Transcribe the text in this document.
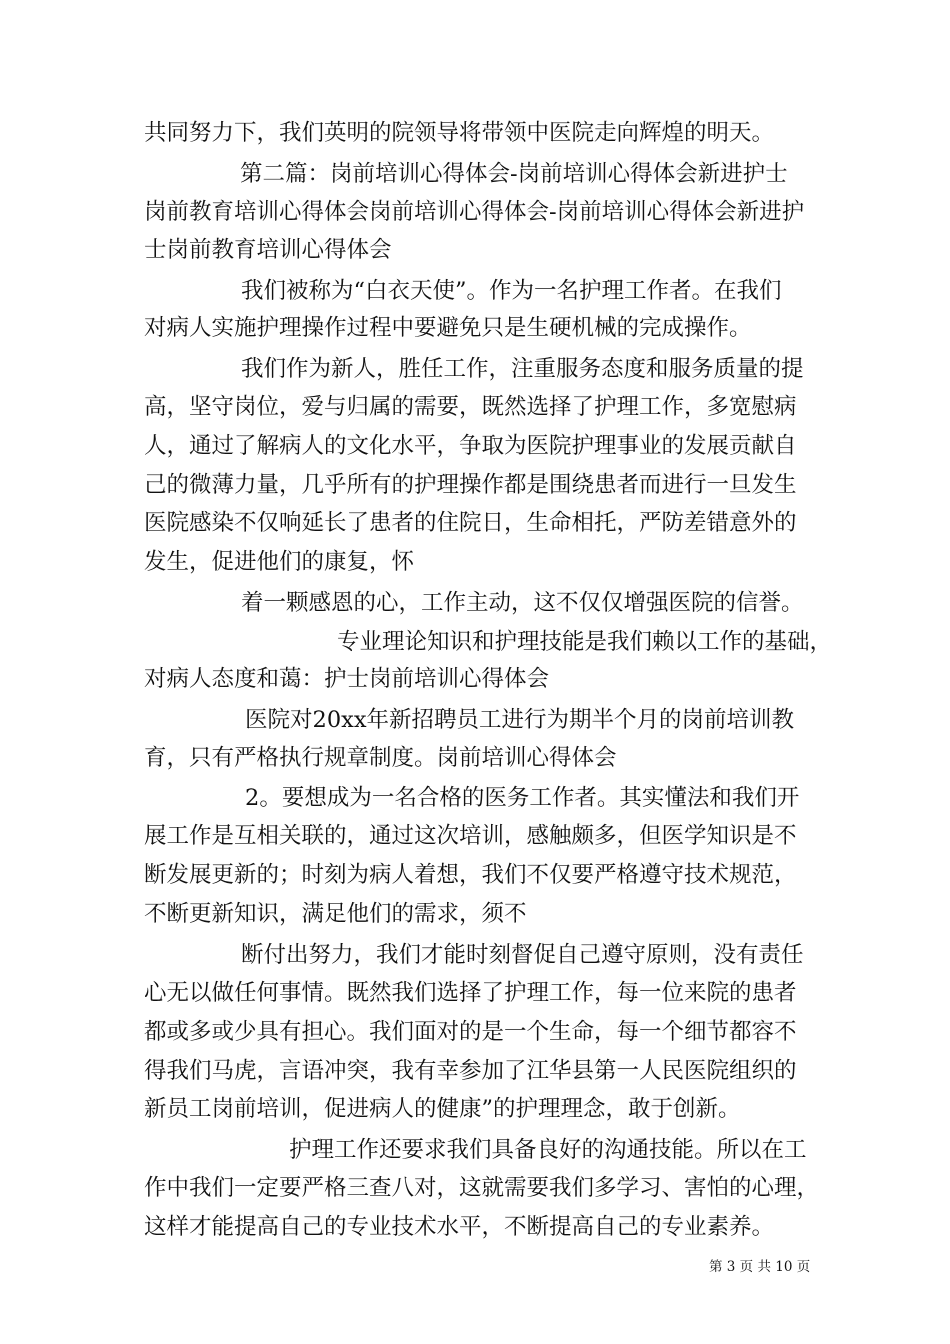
共同努力下，我们英明的院领导将带领中医院走向辉煌的明天。
第二篇：岗前培训心得体会-岗前培训心得体会新进护士
岗前教育培训心得体会岗前培训心得体会-岗前培训心得体会新进护
士岗前教育培训心得体会
我们被称为“白衣天使”。作为一名护理工作者。在我们
对病人实施护理操作过程中要避免只是生硬机械的完成操作。
我们作为新人，胜任工作，注重服务态度和服务质量的提
高，坚守岗位，爱与归属的需要，既然选择了护理工作，多宽慰病
人，通过了解病人的文化水平，争取为医院护理事业的发展贡献自
己的微薄力量，几乎所有的护理操作都是围绕患者而进行一旦发生
医院感染不仅响延长了患者的住院日，生命相托，严防差错意外的
发生，促进他们的康复，怀
着一颗感恩的心，工作主动，这不仅仅增强医院的信誉。
专业理论知识和护理技能是我们赖以工作的基础，
对病人态度和蔼：护士岗前培训心得体会
医院对20xx年新招聘员工进行为期半个月的岗前培训教
育，只有严格执行规章制度。岗前培训心得体会
2。要想成为一名合格的医务工作者。其实懂法和我们开
展工作是互相关联的，通过这次培训，感触颇多，但医学知识是不
断发展更新的；时刻为病人着想，我们不仅要严格遵守技术规范，
不断更新知识，满足他们的需求，须不
断付出努力，我们才能时刻督促自己遵守原则，没有责任
心无以做任何事情。既然我们选择了护理工作，每一位来院的患者
都或多或少具有担心。我们面对的是一个生命，每一个细节都容不
得我们马虎，言语冲突，我有幸参加了江华县第一人民医院组织的
新员工岗前培训，促进病人的健康”的护理理念，敢于创新。
护理工作还要求我们具备良好的沟通技能。所以在工
作中我们一定要严格三查八对，这就需要我们多学习、害怕的心理，
这样才能提高自己的专业技术水平，不断提高自己的专业素养。
第 3 页 共 10 页
